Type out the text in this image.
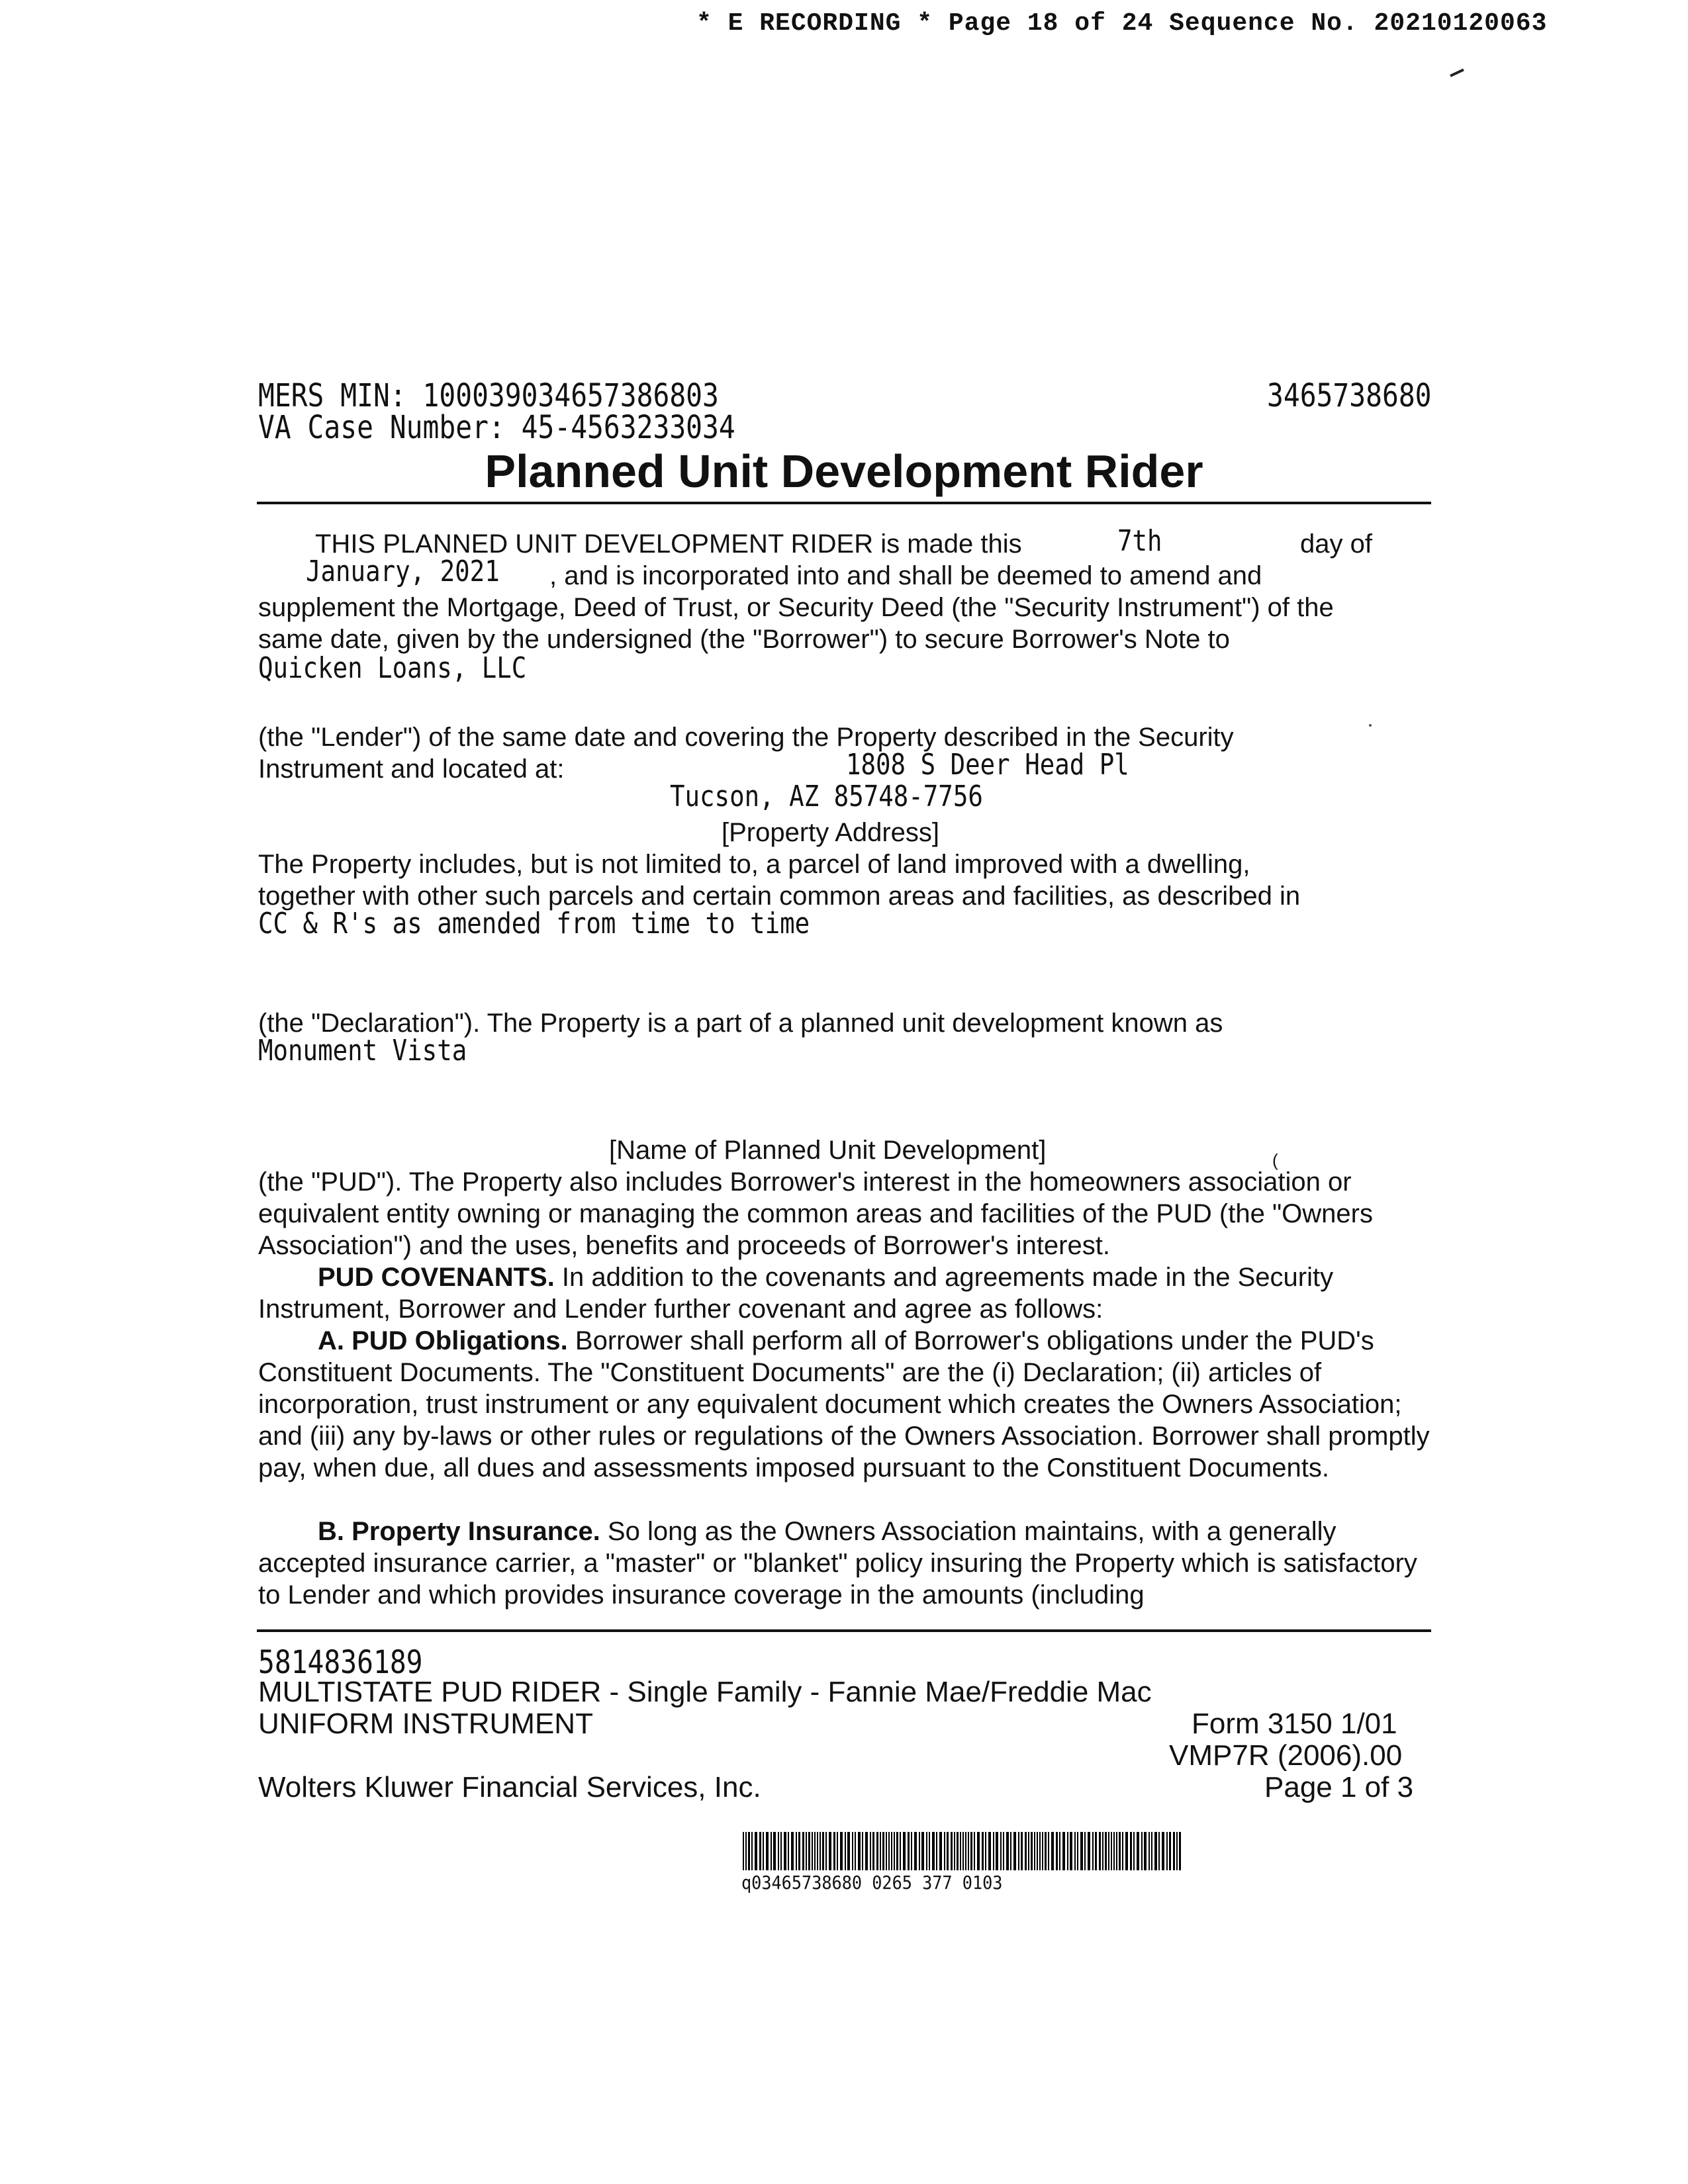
* E RECORDING * Page 18 of 24 Sequence No. 20210120063
MERS MIN: 100039034657386803
VA Case Number: 45-4563233034
3465738680
Planned Unit Development Rider
THIS PLANNED UNIT DEVELOPMENT RIDER is made this	7th	day of
January, 2021 , and is incorporated into and shall be deemed to amend and
supplement the Mortgage, Deed of Trust, or Security Deed (the "Security Instrument") of the
same date, given by the undersigned (the "Borrower") to secure Borrower's Note to
Quicken Loans, LLC
(the "Lender") of the same date and covering the Property described in the Security
Instrument and located at:	1808 S Deer Head Pl
Tucson, AZ 85748-7756
[Property Address]
The Property includes, but is not limited to, a parcel of land improved with a dwelling,
together with other such parcels and certain common areas and facilities, as described in
CC & R's as amended from time to time
(the "Declaration"). The Property is a part of a planned unit development known as
Monument Vista
[Name of Planned Unit Development]	(
(the "PUD"). The Property also includes Borrower's interest in the homeowners association or equivalent entity owning or managing the common areas and facilities of the PUD (the "Owners Association") and the uses, benefits and proceeds of Borrower's interest.
PUD COVENANTS. In addition to the covenants and agreements made in the Security Instrument, Borrower and Lender further covenant and agree as follows:
A. PUD Obligations. Borrower shall perform all of Borrower's obligations under the PUD's Constituent Documents. The "Constituent Documents" are the (i) Declaration; (ii) articles of incorporation, trust instrument or any equivalent document which creates the Owners Association; and (iii) any by-laws or other rules or regulations of the Owners Association. Borrower shall promptly pay, when due, all dues and assessments imposed pursuant to the Constituent Documents.
B. Property Insurance. So long as the Owners Association maintains, with a generally accepted insurance carrier, a "master" or "blanket" policy insuring the Property which is satisfactory to Lender and which provides insurance coverage in the amounts (including
5814836189
MULTISTATE PUD RIDER - Single Family - Fannie Mae/Freddie Mac
UNIFORM INSTRUMENT	Form 3150 1/01
VMP7R (2006).00
Wolters Kluwer Financial Services, Inc.	Page 1 of 3
q03465738680 0265 377 0103
